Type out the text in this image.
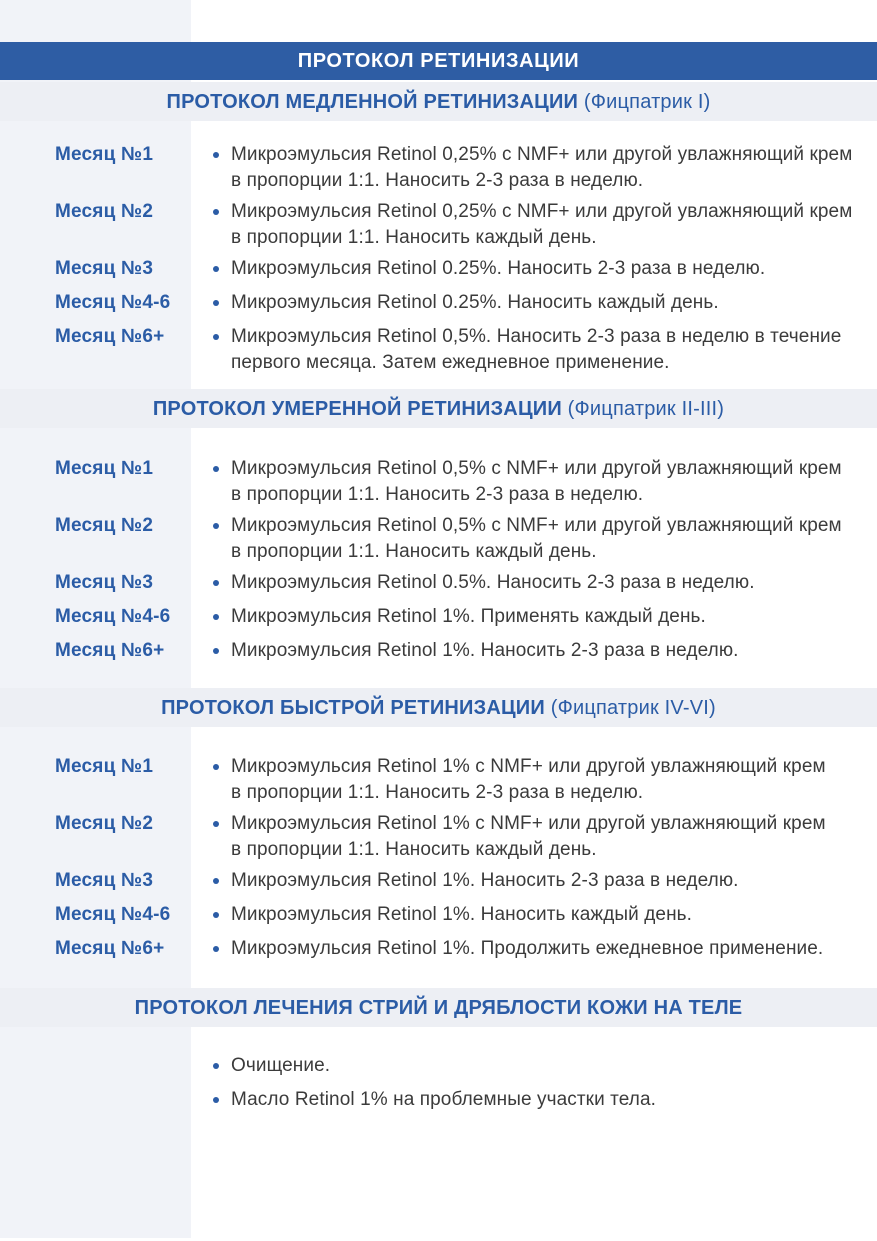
ПРОТОКОЛ РЕТИНИЗАЦИИ
ПРОТОКОЛ МЕДЛЕННОЙ РЕТИНИЗАЦИИ (Фицпатрик I)
Месяц №1	Микроэмульсия Retinol 0,25% с NMF+ или другой увлажняющий крем
в пропорции 1:1. Наносить 2-3 раза в неделю.
Месяц №2	Микроэмульсия Retinol 0,25% с NMF+ или другой увлажняющий крем
в пропорции 1:1. Наносить каждый день.
Месяц №3	Микроэмульсия Retinol 0.25%. Наносить 2-3 раза в неделю.
Месяц №4-6	Микроэмульсия Retinol 0.25%. Наносить каждый день.
Месяц №6+	Микроэмульсия Retinol 0,5%. Наносить 2-3 раза в неделю в течение
первого месяца. Затем ежедневное применение.
ПРОТОКОЛ УМЕРЕННОЙ РЕТИНИЗАЦИИ (Фицпатрик II-III)
Месяц №1	Микроэмульсия Retinol 0,5% с NMF+ или другой увлажняющий крем
в пропорции 1:1. Наносить 2-3 раза в неделю.
Месяц №2	Микроэмульсия Retinol 0,5% с NMF+ или другой увлажняющий крем
в пропорции 1:1. Наносить каждый день.
Месяц №3	Микроэмульсия Retinol 0.5%. Наносить 2-3 раза в неделю.
Месяц №4-6	Микроэмульсия Retinol 1%. Применять каждый день.
Месяц №6+	Микроэмульсия Retinol 1%. Наносить 2-3 раза в неделю.
ПРОТОКОЛ БЫСТРОЙ РЕТИНИЗАЦИИ (Фицпатрик IV-VI)
Месяц №1	Микроэмульсия Retinol 1% с NMF+ или другой увлажняющий крем
в пропорции 1:1. Наносить 2-3 раза в неделю.
Месяц №2	Микроэмульсия Retinol 1% с NMF+ или другой увлажняющий крем
в пропорции 1:1. Наносить каждый день.
Месяц №3	Микроэмульсия Retinol 1%. Наносить 2-3 раза в неделю.
Месяц №4-6	Микроэмульсия Retinol 1%. Наносить каждый день.
Месяц №6+	Микроэмульсия Retinol 1%. Продолжить ежедневное применение.
ПРОТОКОЛ ЛЕЧЕНИЯ СТРИЙ И ДРЯБЛОСТИ КОЖИ НА ТЕЛЕ
Очищение.
Масло Retinol 1% на проблемные участки тела.
